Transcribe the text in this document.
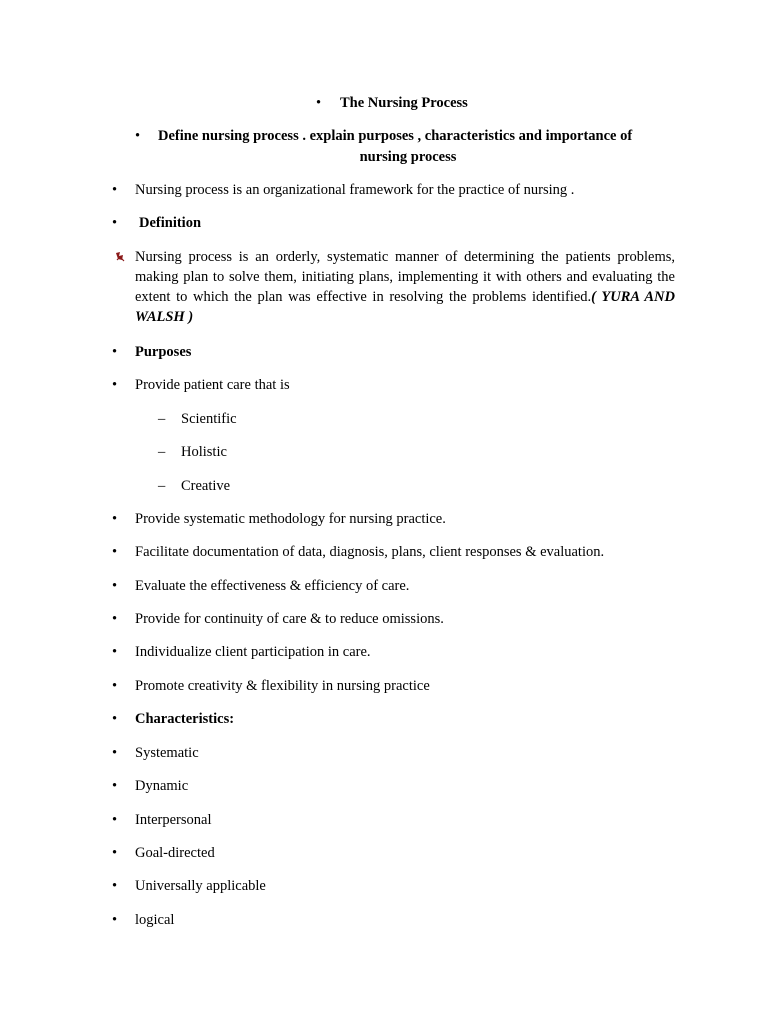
• The Nursing Process
• Define nursing process . explain purposes , characteristics and importance of
nursing process
• Nursing process is an organizational framework for the practice of nursing .
• Definition
Nursing process is an orderly, systematic manner of determining the patients problems, making plan to solve them, initiating plans, implementing it with others and evaluating the extent to which the plan was effective in resolving the problems identified.( YURA AND WALSH )
• Purposes
• Provide patient care that is
– Scientific
– Holistic
– Creative
• Provide systematic methodology for nursing practice.
• Facilitate documentation of data, diagnosis, plans, client responses & evaluation.
• Evaluate the effectiveness & efficiency of care.
• Provide for continuity of care & to reduce omissions.
• Individualize client participation in care.
• Promote creativity & flexibility in nursing practice
• Characteristics:
• Systematic
• Dynamic
• Interpersonal
• Goal-directed
• Universally applicable
• logical
